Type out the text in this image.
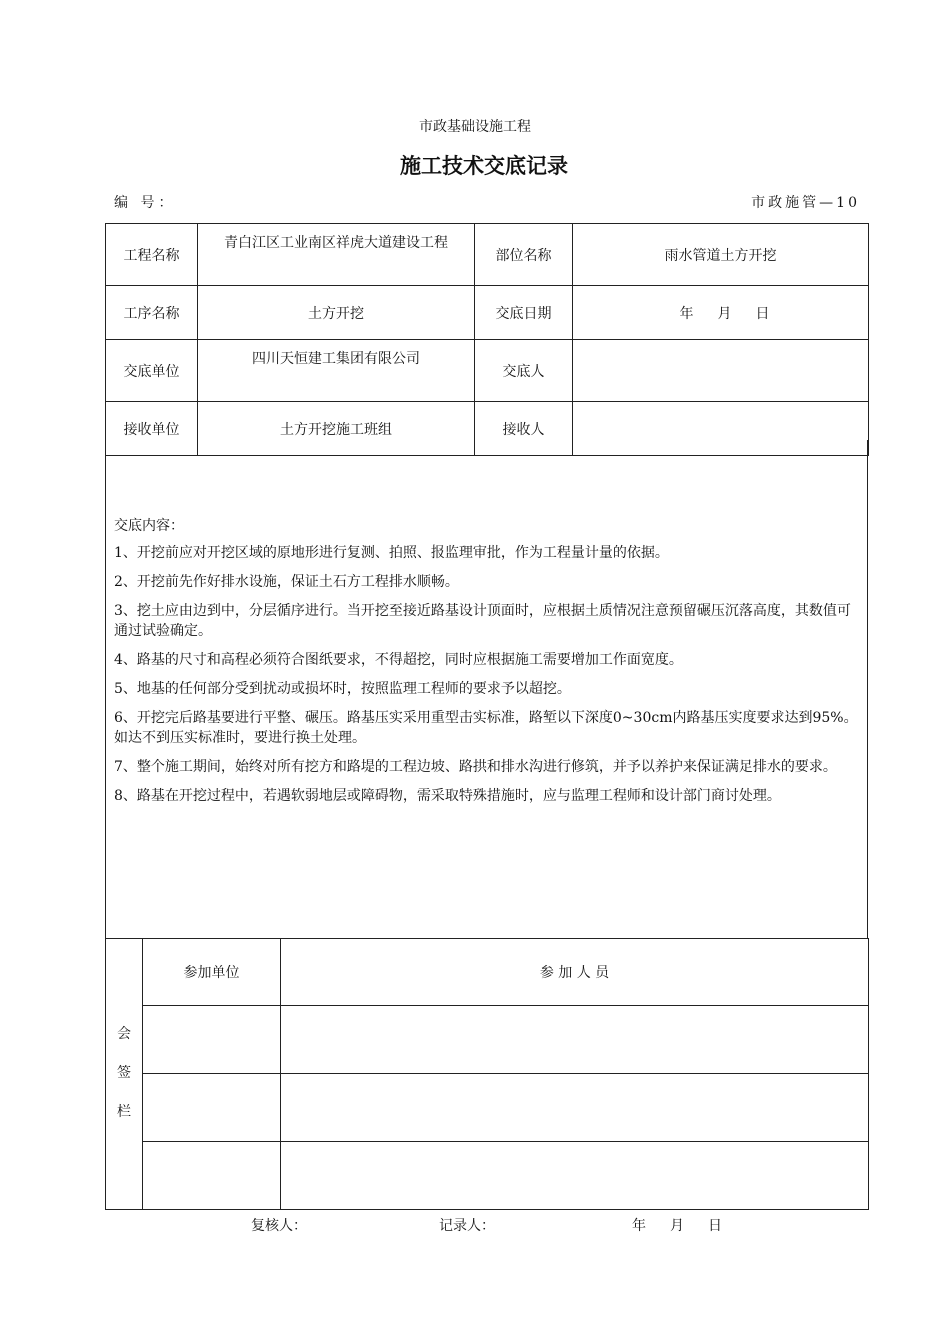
市政基础设施工程
施工技术交底记录
编 号：	市政施管—10
工程名称	青白江区工业南区祥虎大道建设工程	部位名称	雨水管道土方开挖
工序名称	土方开挖	交底日期	年 月 日
交底单位	四川天恒建工集团有限公司	交底人	
接收单位	土方开挖施工班组	接收人	

交底内容：

1、开挖前应对开挖区域的原地形进行复测、拍照、报监理审批，作为工程量计量的依据。

2、开挖前先作好排水设施，保证土石方工程排水顺畅。

3、挖土应由边到中，分层循序进行。当开挖至接近路基设计顶面时，应根据土质情况注意预留碾压沉落高度，其数值可通过试验确定。

4、路基的尺寸和高程必须符合图纸要求，不得超挖，同时应根据施工需要增加工作面宽度。

5、地基的任何部分受到扰动或损坏时，按照监理工程师的要求予以超挖。

6、开挖完后路基要进行平整、碾压。路基压实采用重型击实标准，路堑以下深度0~30cm内路基压实度要求达到95%。如达不到压实标准时，要进行换土处理。

7、整个施工期间，始终对所有挖方和路堤的工程边坡、路拱和排水沟进行修筑，并予以养护来保证满足排水的要求。

8、路基在开挖过程中，若遇软弱地层或障碍物，需采取特殊措施时，应与监理工程师和设计部门商讨处理。

会
签
栏	参加单位	参 加 人 员

复核人：	记录人：	年 月 日
